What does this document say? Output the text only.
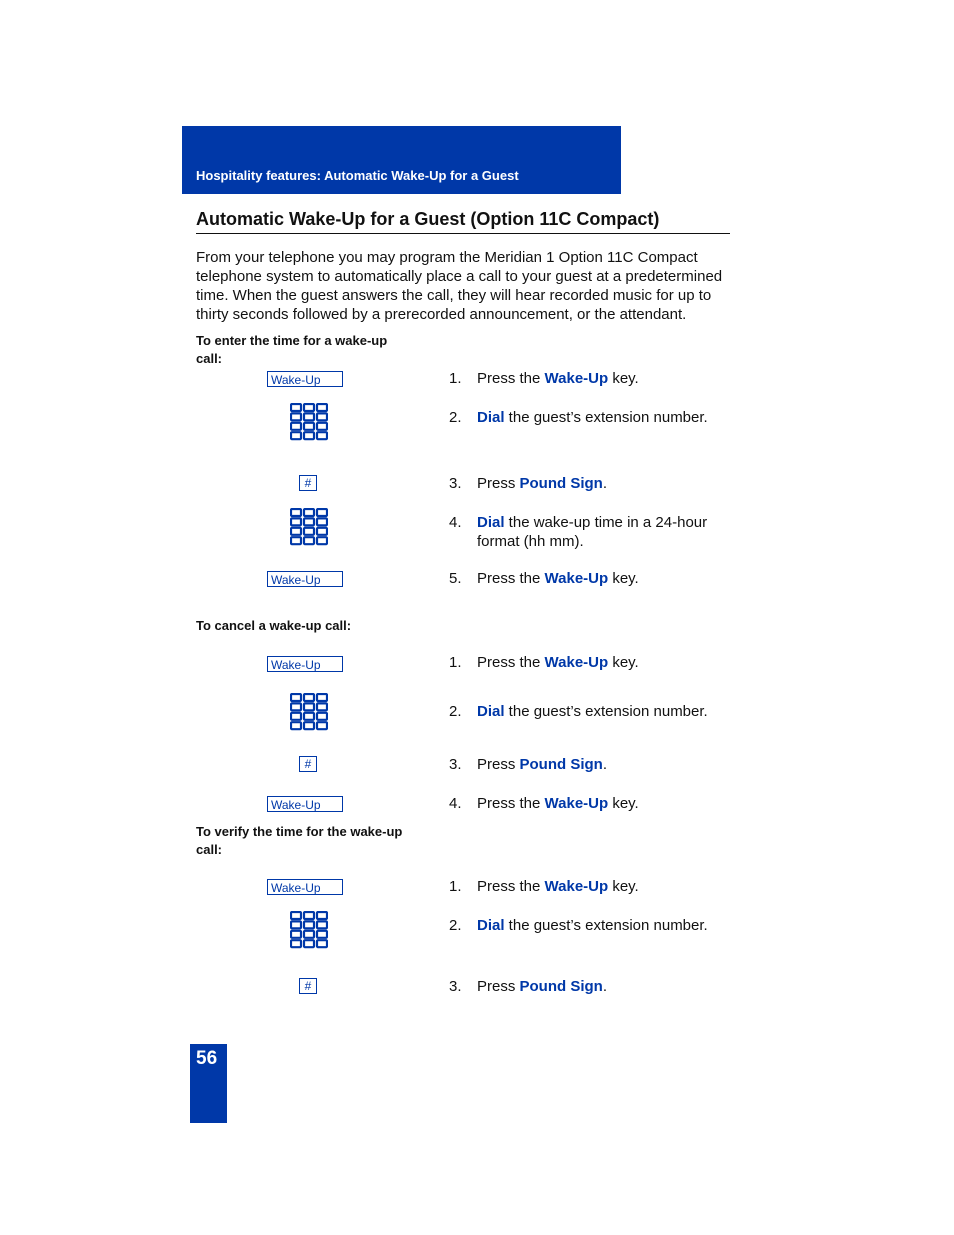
Hospitality features: Automatic Wake-Up for a Guest
Automatic Wake-Up for a Guest (Option 11C Compact)

From your telephone you may program the Meridian 1 Option 11C Compact telephone system to automatically place a call to your guest at a predetermined time. When the guest answers the call, they will hear recorded music for up to thirty seconds followed by a prerecorded announcement, or the attendant.

To enter the time for a wake-up call:
Wake-Up	1. Press the Wake-Up key.
2. Dial the guest’s extension number.
#	3. Press Pound Sign.
4. Dial the wake-up time in a 24-hour format (hh mm).
Wake-Up	5. Press the Wake-Up key.
To cancel a wake-up call:
Wake-Up	1. Press the Wake-Up key.
2. Dial the guest’s extension number.
#	3. Press Pound Sign.
Wake-Up	4. Press the Wake-Up key.
To verify the time for the wake-up call:
Wake-Up	1. Press the Wake-Up key.
2. Dial the guest’s extension number.
#	3. Press Pound Sign.
56
